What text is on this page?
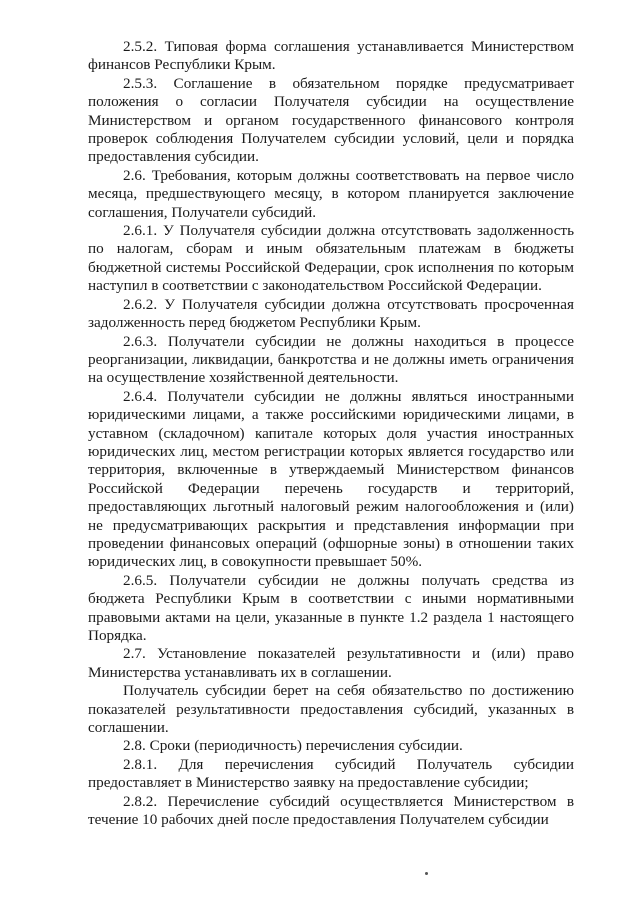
2.5.2. Типовая форма соглашения устанавливается Министерством финансов Республики Крым.

2.5.3. Соглашение в обязательном порядке предусматривает положения о согласии Получателя субсидии на осуществление Министерством и органом государственного финансового контроля проверок соблюдения Получателем субсидии условий, цели и порядка предоставления субсидии.

2.6. Требования, которым должны соответствовать на первое число месяца, предшествующего месяцу, в котором планируется заключение соглашения, Получатели субсидий.

2.6.1. У Получателя субсидии должна отсутствовать задолженность по налогам, сборам и иным обязательным платежам в бюджеты бюджетной системы Российской Федерации, срок исполнения по которым наступил в соответствии с законодательством Российской Федерации.

2.6.2. У Получателя субсидии должна отсутствовать просроченная задолженность перед бюджетом Республики Крым.

2.6.3. Получатели субсидии не должны находиться в процессе реорганизации, ликвидации, банкротства и не должны иметь ограничения на осуществление хозяйственной деятельности.

2.6.4. Получатели субсидии не должны являться иностранными юридическими лицами, а также российскими юридическими лицами, в уставном (складочном) капитале которых доля участия иностранных юридических лиц, местом регистрации которых является государство или территория, включенные в утверждаемый Министерством финансов Российской Федерации перечень государств и территорий, предоставляющих льготный налоговый режим налогообложения и (или) не предусматривающих раскрытия и представления информации при проведении финансовых операций (офшорные зоны) в отношении таких юридических лиц, в совокупности превышает 50%.

2.6.5. Получатели субсидии не должны получать средства из бюджета Республики Крым в соответствии с иными нормативными правовыми актами на цели, указанные в пункте 1.2 раздела 1 настоящего Порядка.

2.7. Установление показателей результативности и (или) право Министерства устанавливать их в соглашении.

Получатель субсидии берет на себя обязательство по достижению показателей результативности предоставления субсидий, указанных в соглашении.

2.8. Сроки (периодичность) перечисления субсидии.

2.8.1. Для перечисления субсидий Получатель субсидии предоставляет в Министерство заявку на предоставление субсидии;

2.8.2. Перечисление субсидий осуществляется Министерством в течение 10 рабочих дней после предоставления Получателем субсидии
